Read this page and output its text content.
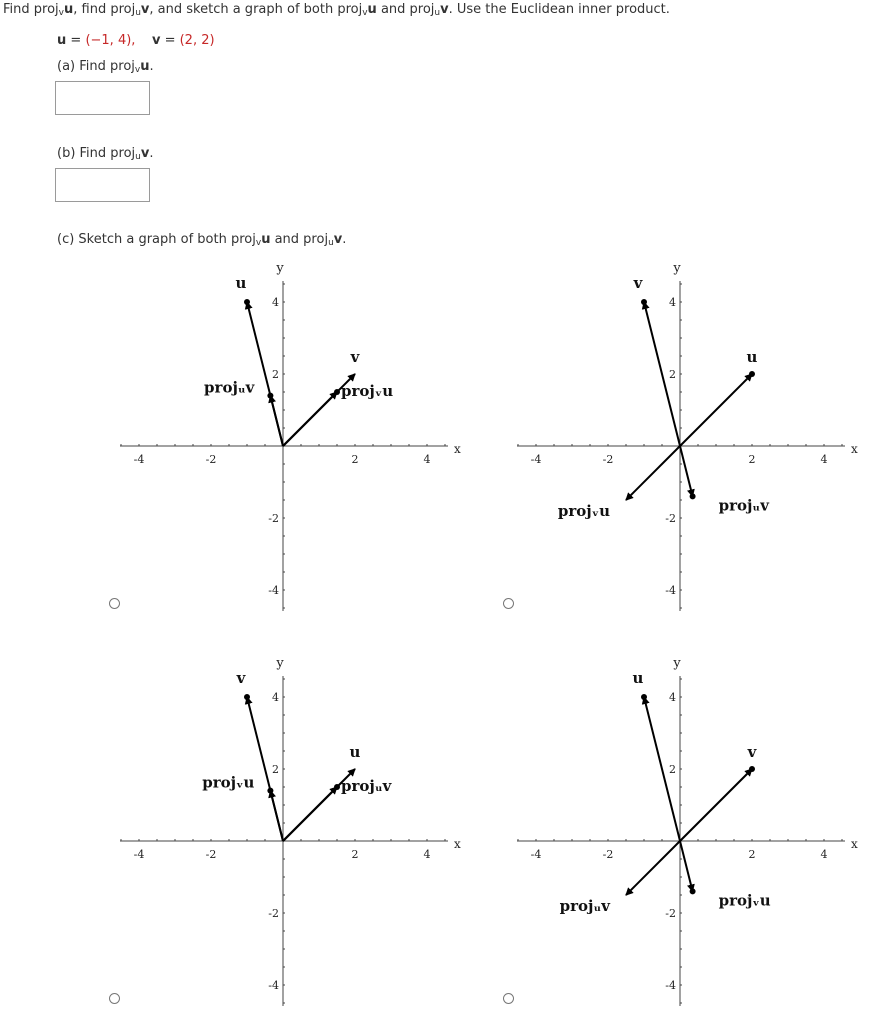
Find proj$_v$u, find proj$_u$v, and sketch a graph of both proj$_v$u and proj$_u$v. Use the Euclidean inner product.
u = (−1, 4), v = (2, 2)
(a) Find proj$_v$u.
(b) Find proj$_u$v.
(c) Sketch a graph of both proj$_v$u and proj$_u$v.
-4	-2	2	4
4
2
-2
-4
x
y
u
v
projᵤv	projᵥu
-4	-2	2	4
4
2
-2
-4
x
y
v
u
projᵥu	projᵤv
-4	-2	2	4
4
2
-2
-4
x
y
v
u
projᵥu	projᵤv
-4	-2	2	4
4
2
-2
-4
x
y
u
v
projᵤv	projᵥu
